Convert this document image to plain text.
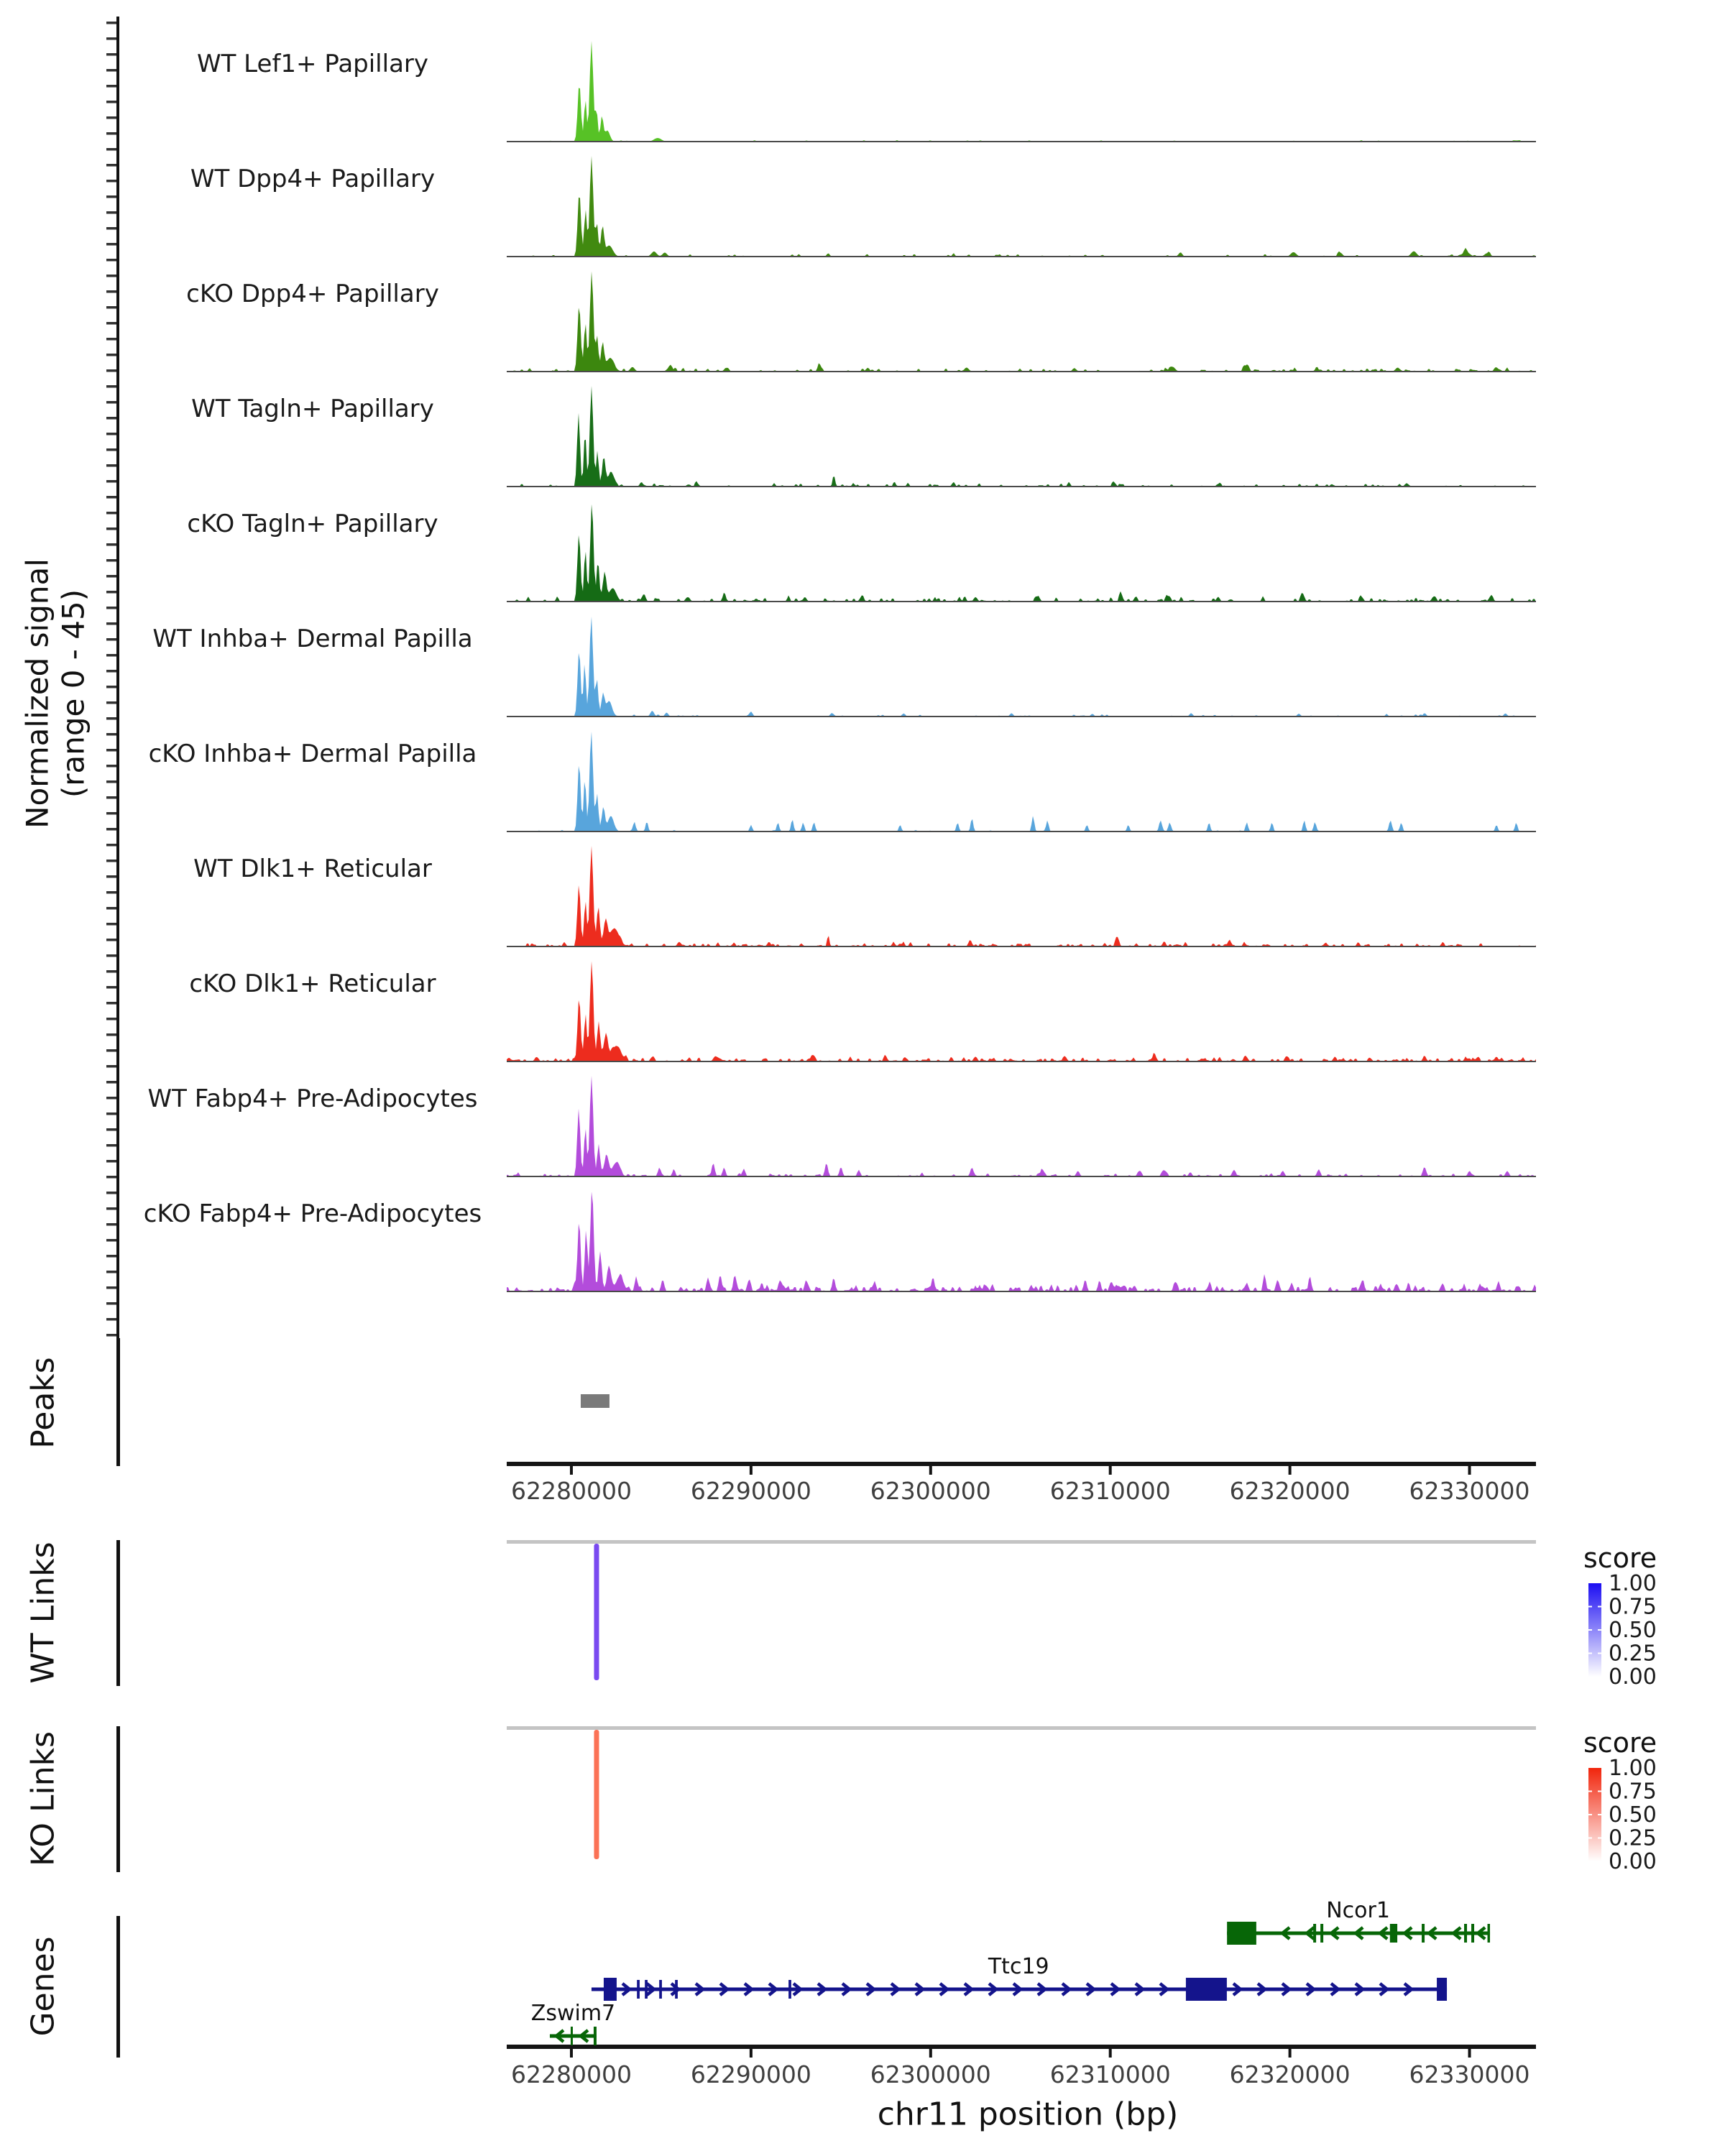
62280000 62290000 62300000 62310000 62320000 62330000
62280000 62290000 62300000 62310000 62320000 62330000
1.00
0.75
0.50
0.25
0.00
1.00
0.75
0.50
0.25
0.00
Ncor1
Ttc19
Zswim7
Normalized signal (range 0 - 45)
WT Lef1+ Papillary
WT Dpp4+ Papillary
cKO Dpp4+ Papillary
WT Tagln+ Papillary
cKO Tagln+ Papillary
WT Inhba+ Dermal Papilla
cKO Inhba+ Dermal Papilla
WT Dlk1+ Reticular
cKO Dlk1+ Reticular
WT Fabp4+ Pre-Adipocytes
cKO Fabp4+ Pre-Adipocytes
Peaks
WT Links
KO Links
Genes
score
score
chr11 position (bp)
